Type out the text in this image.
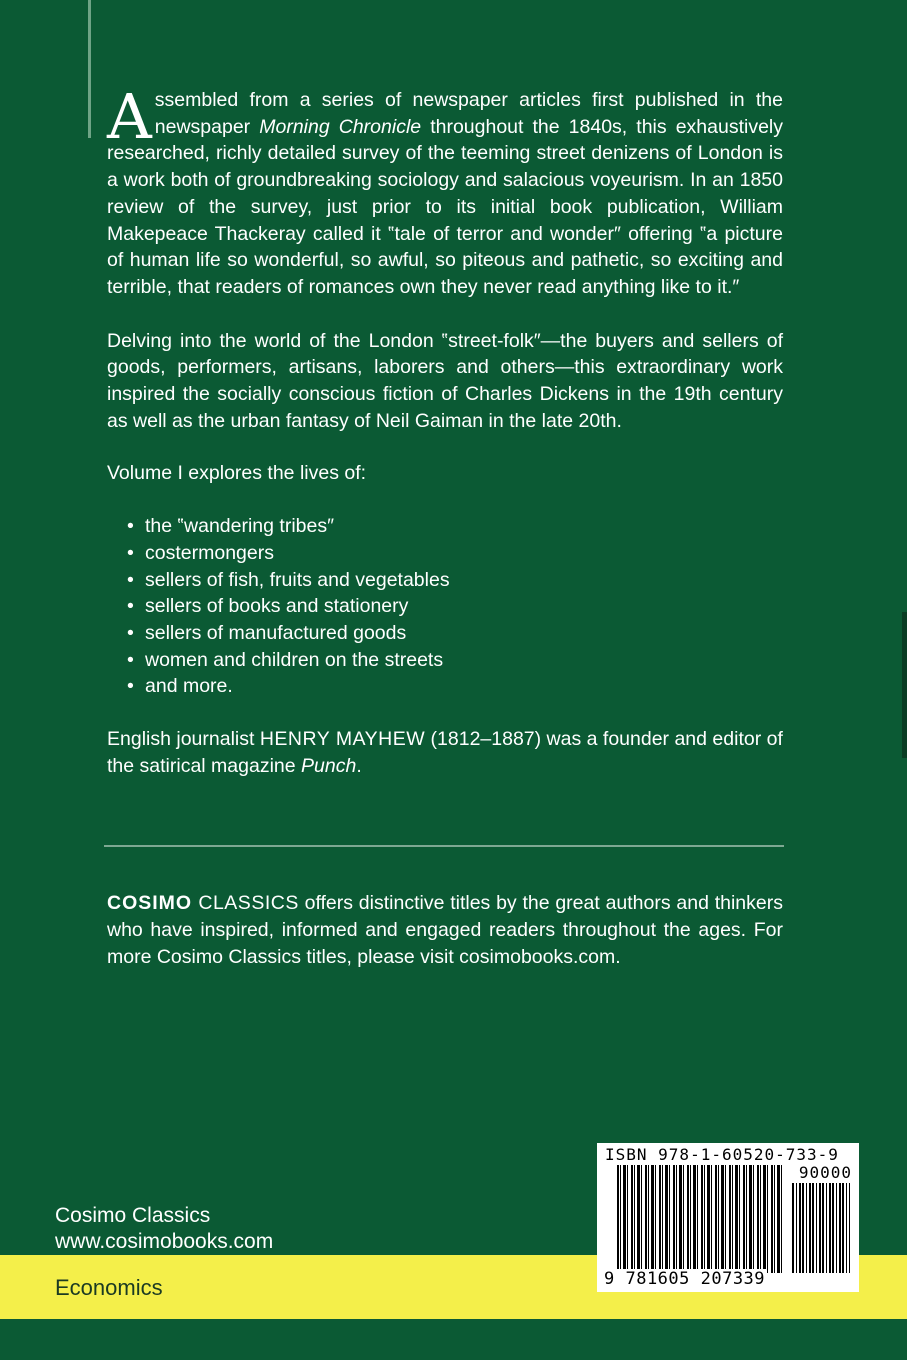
Assembled from a series of newspaper articles first published in the newspaper Morning Chronicle throughout the 1840s, this exhaustively researched, richly detailed survey of the teeming street denizens of London is a work both of groundbreaking sociology and salacious voyeurism. In an 1850 review of the survey, just prior to its initial book publication, William Makepeace Thackeray called it ‟tale of terror and wonder″ offering ‟a picture of human life so wonderful, so awful, so piteous and pathetic, so exciting and terrible, that readers of romances own they never read anything like to it.″

Delving into the world of the London ‟street-folk″—the buyers and sellers of goods, performers, artisans, laborers and others—this extraordinary work inspired the socially conscious fiction of Charles Dickens in the 19th century as well as the urban fantasy of Neil Gaiman in the late 20th.

Volume I explores the lives of:

• the ‟wandering tribes″
• costermongers
• sellers of fish, fruits and vegetables
• sellers of books and stationery
• sellers of manufactured goods
• women and children on the streets
• and more.

English journalist HENRY MAYHEW (1812–1887) was a founder and editor of the satirical magazine Punch.

COSIMO CLASSICS offers distinctive titles by the great authors and thinkers who have inspired, informed and engaged readers throughout the ages. For more Cosimo Classics titles, please visit cosimobooks.com.

Cosimo Classics
www.cosimobooks.com
Economics
ISBN 978-1-60520-733-9
90000
9 781605 207339
